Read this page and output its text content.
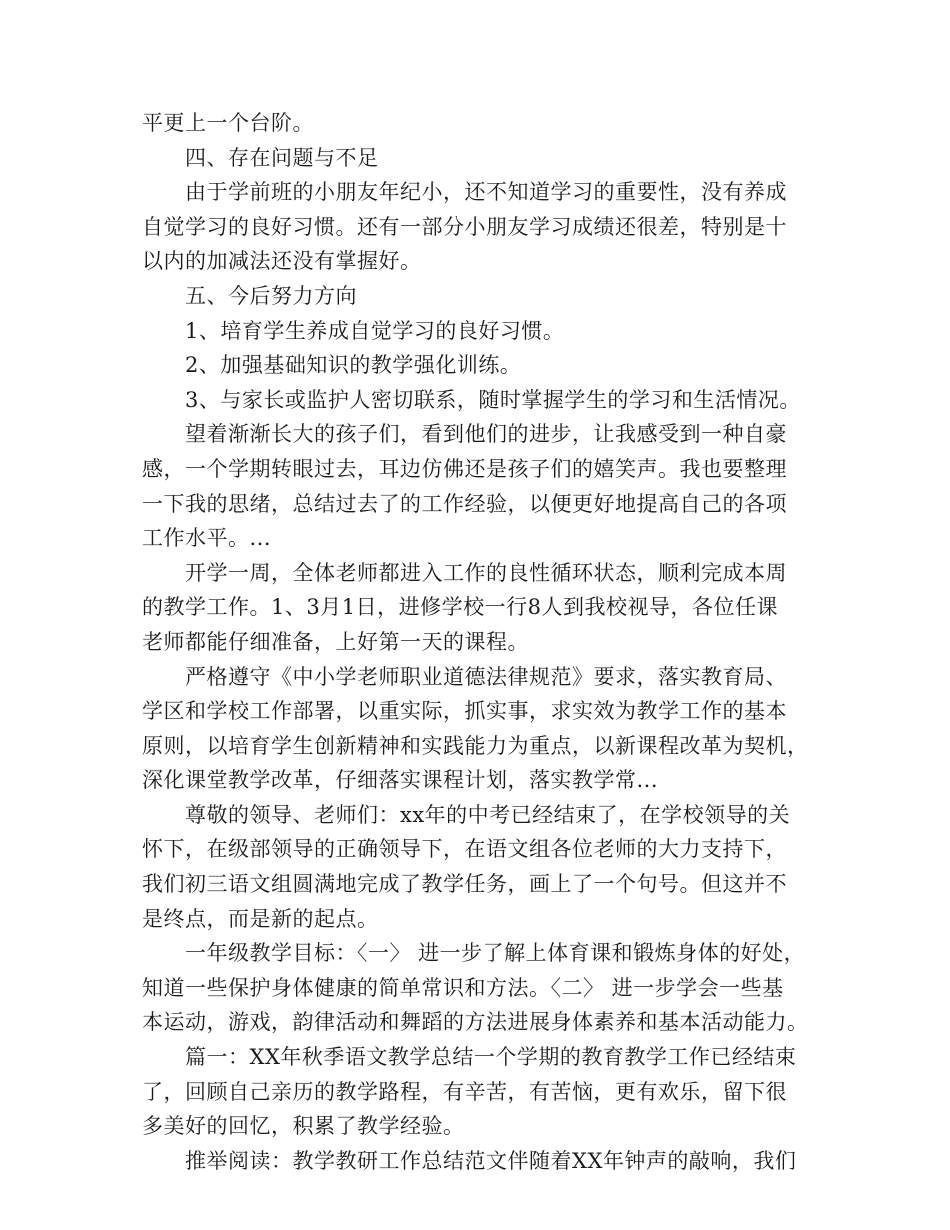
平更上一个台阶。
四、存在问题与不足
由于学前班的小朋友年纪小，还不知道学习的重要性，没有养成
自觉学习的良好习惯。还有一部分小朋友学习成绩还很差，特别是十
以内的加减法还没有掌握好。
五、今后努力方向
1、培育学生养成自觉学习的良好习惯。
2、加强基础知识的教学强化训练。
3、与家长或监护人密切联系，随时掌握学生的学习和生活情况。
望着渐渐长大的孩子们，看到他们的进步，让我感受到一种自豪
感，一个学期转眼过去，耳边仿佛还是孩子们的嬉笑声。我也要整理
一下我的思绪，总结过去了的工作经验，以便更好地提高自己的各项
工作水平。...
开学一周，全体老师都进入工作的良性循环状态，顺利完成本周
的教学工作。1、3月1日，进修学校一行8人到我校视导，各位任课
老师都能仔细准备，上好第一天的课程。
严格遵守《中小学老师职业道德法律规范》要求，落实教育局、
学区和学校工作部署，以重实际，抓实事，求实效为教学工作的基本
原则，以培育学生创新精神和实践能力为重点，以新课程改革为契机，
深化课堂教学改革，仔细落实课程计划，落实教学常...
尊敬的领导、老师们：xx年的中考已经结束了，在学校领导的关
怀下，在级部领导的正确领导下，在语文组各位老师的大力支持下，
我们初三语文组圆满地完成了教学任务，画上了一个句号。但这并不
是终点，而是新的起点。
一年级教学目标：〈一〉 进一步了解上体育课和锻炼身体的好处，
知道一些保护身体健康的简单常识和方法。〈二〉 进一步学会一些基
本运动，游戏，韵律活动和舞蹈的方法进展身体素养和基本活动能力。
篇一：XX年秋季语文教学总结一个学期的教育教学工作已经结束
了，回顾自己亲历的教学路程，有辛苦，有苦恼，更有欢乐，留下很
多美好的回忆，积累了教学经验。
推举阅读：教学教研工作总结范文伴随着XX年钟声的敲响，我们
